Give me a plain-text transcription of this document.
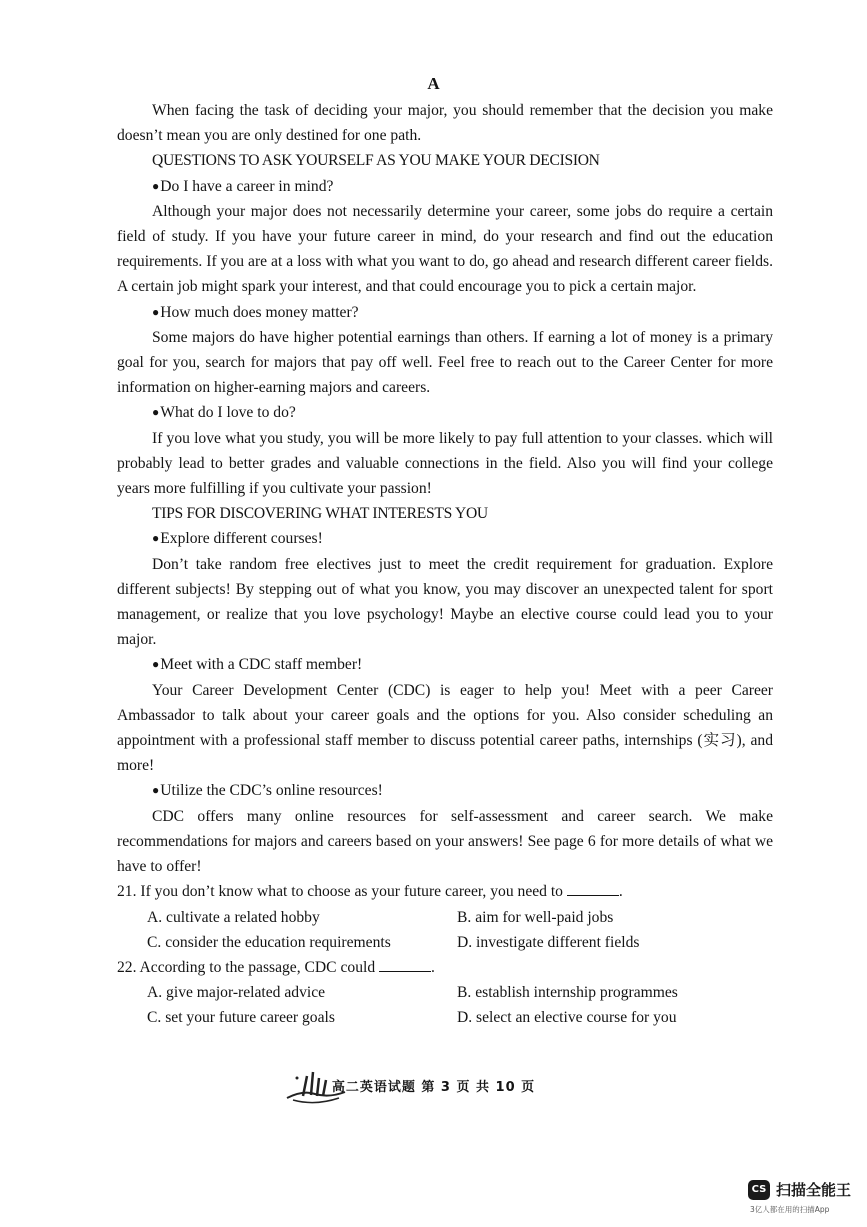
A

When facing the task of deciding your major, you should remember that the decision you make doesn’t mean you are only destined for one path.

QUESTIONS TO ASK YOURSELF AS YOU MAKE YOUR DECISION

●Do I have a career in mind?

Although your major does not necessarily determine your career, some jobs do require a certain field of study. If you have your future career in mind, do your research and find out the education requirements. If you are at a loss with what you want to do, go ahead and research different career fields. A certain job might spark your interest, and that could encourage you to pick a certain major.

●How much does money matter?

Some majors do have higher potential earnings than others. If earning a lot of money is a primary goal for you, search for majors that pay off well. Feel free to reach out to the Career Center for more information on higher-earning majors and careers.

●What do I love to do?

If you love what you study, you will be more likely to pay full attention to your classes. which will probably lead to better grades and valuable connections in the field. Also you will find your college years more fulfilling if you cultivate your passion!

TIPS FOR DISCOVERING WHAT INTERESTS YOU

●Explore different courses!

Don’t take random free electives just to meet the credit requirement for graduation. Explore different subjects! By stepping out of what you know, you may discover an unexpected talent for sport management, or realize that you love psychology! Maybe an elective course could lead you to your major.

●Meet with a CDC staff member!

Your Career Development Center (CDC) is eager to help you! Meet with a peer Career Ambassador to talk about your career goals and the options for you. Also consider scheduling an appointment with a professional staff member to discuss potential career paths, internships (实习), and more!

●Utilize the CDC’s online resources!

CDC offers many online resources for self-assessment and career search. We make recommendations for majors and careers based on your answers! See page 6 for more details of what we have to offer!

21. If you don’t know what to choose as your future career, you need to	.

A. cultivate a related hobby	B. aim for well-paid jobs
C. consider the education requirements	D. investigate different fields

22. According to the passage, CDC could	.

A. give major-related advice	B. establish internship programmes
C. set your future career goals	D. select an elective course for you
高二英语试题 第 3 页 共 10 页
CS 扫描全能王
3亿人都在用的扫描App
